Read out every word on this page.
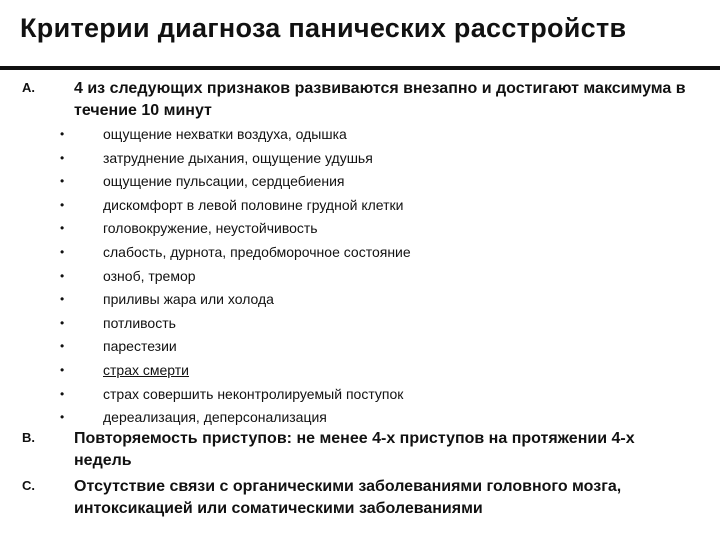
Критерии диагноза панических расстройств
A. 4 из следующих признаков развиваются внезапно и достигают максимума в течение 10 минут
•	ощущение нехватки воздуха, одышка
•	затруднение дыхания, ощущение удушья
•	ощущение пульсации, сердцебиения
•	дискомфорт в левой половине грудной клетки
•	головокружение, неустойчивость
•	слабость, дурнота, предобморочное состояние
•	озноб, тремор
•	приливы жара или холода
•	потливость
•	парестезии
•	страх смерти
•	страх совершить неконтролируемый поступок
•	дереализация, деперсонализация
B. Повторяемость приступов: не менее 4-х приступов на протяжении 4-х недель
C. Отсутствие связи с органическими заболеваниями головного мозга, интоксикацией или соматическими заболеваниями
